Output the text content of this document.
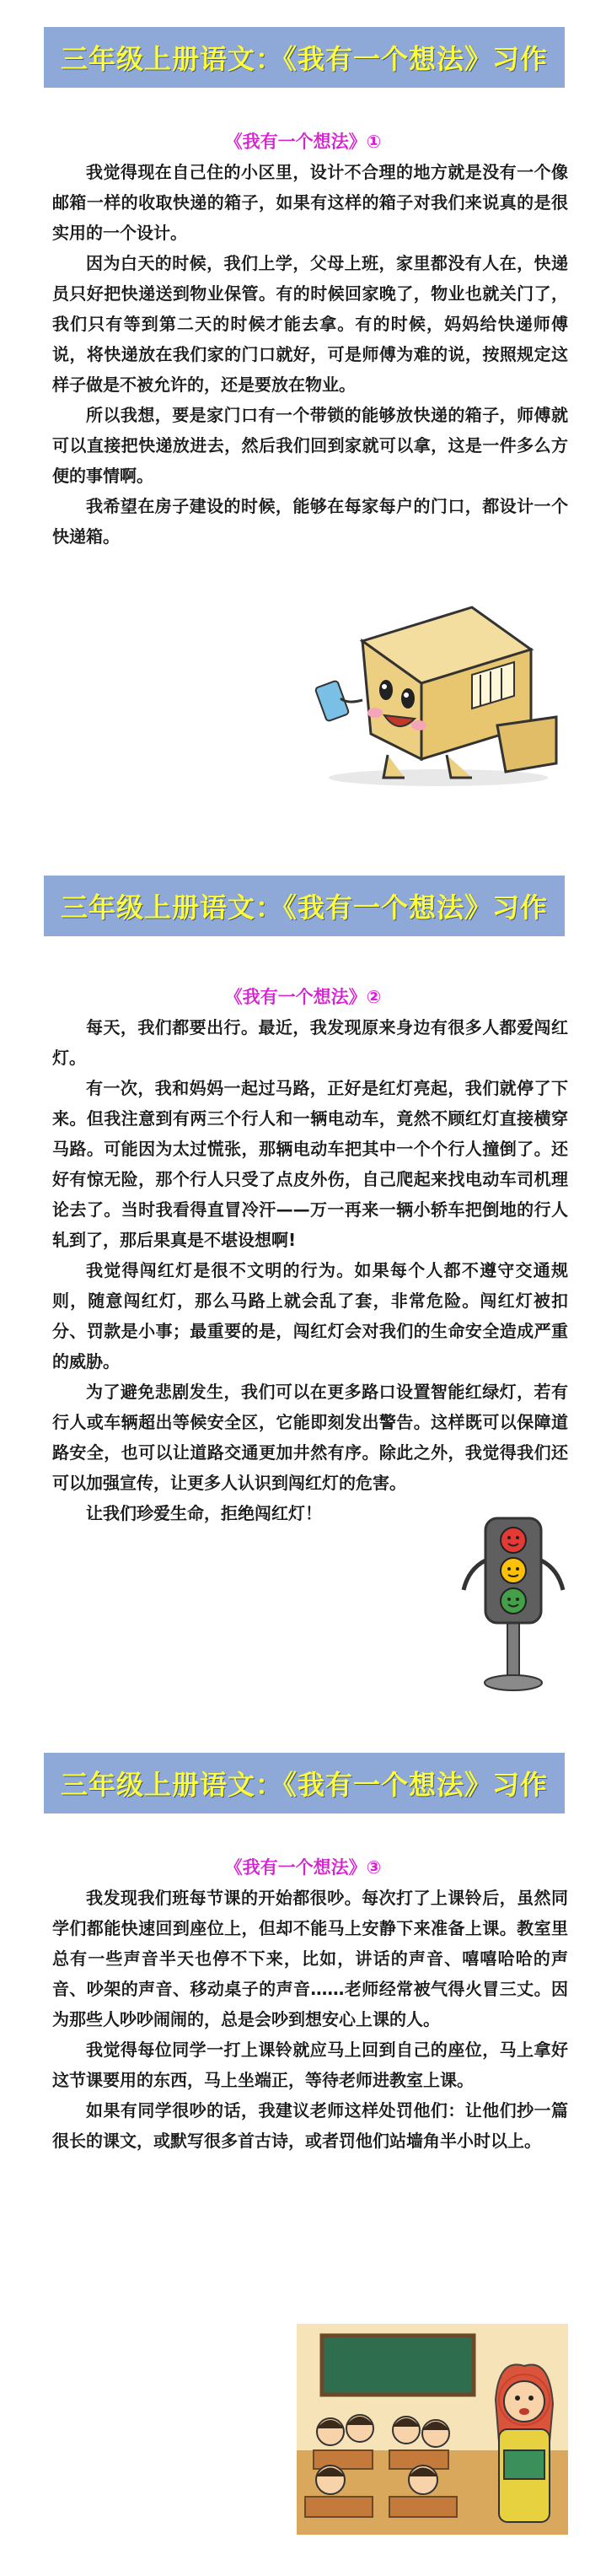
三年级上册语文：《我有一个想法》习作
《我有一个想法》①

我觉得现在自己住的小区里，设计不合理的地方就是没有一个像邮箱一样的收取快递的箱子，如果有这样的箱子对我们来说真的是很实用的一个设计。

因为白天的时候，我们上学，父母上班，家里都没有人在，快递员只好把快递送到物业保管。有的时候回家晚了，物业也就关门了，我们只有等到第二天的时候才能去拿。有的时候，妈妈给快递师傅说，将快递放在我们家的门口就好，可是师傅为难的说，按照规定这样子做是不被允许的，还是要放在物业。

所以我想，要是家门口有一个带锁的能够放快递的箱子，师傅就可以直接把快递放进去，然后我们回到家就可以拿，这是一件多么方便的事情啊。

我希望在房子建设的时候，能够在每家每户的门口，都设计一个快递箱。

三年级上册语文：《我有一个想法》习作
《我有一个想法》②

每天，我们都要出行。最近，我发现原来身边有很多人都爱闯红灯。

有一次，我和妈妈一起过马路，正好是红灯亮起，我们就停了下来。但我注意到有两三个行人和一辆电动车，竟然不顾红灯直接横穿马路。可能因为太过慌张，那辆电动车把其中一个个行人撞倒了。还好有惊无险，那个行人只受了点皮外伤，自己爬起来找电动车司机理论去了。当时我看得直冒冷汗——万一再来一辆小轿车把倒地的行人轧到了，那后果真是不堪设想啊!

我觉得闯红灯是很不文明的行为。如果每个人都不遵守交通规则，随意闯红灯，那么马路上就会乱了套，非常危险。闯红灯被扣分、罚款是小事；最重要的是，闯红灯会对我们的生命安全造成严重的威胁。

为了避免悲剧发生，我们可以在更多路口设置智能红绿灯，若有行人或车辆超出等候安全区，它能即刻发出警告。这样既可以保障道路安全，也可以让道路交通更加井然有序。除此之外，我觉得我们还可以加强宣传，让更多人认识到闯红灯的危害。

让我们珍爱生命，拒绝闯红灯！

三年级上册语文：《我有一个想法》习作
《我有一个想法》③

我发现我们班每节课的开始都很吵。每次打了上课铃后，虽然同学们都能快速回到座位上，但却不能马上安静下来准备上课。教室里总有一些声音半天也停不下来，比如，讲话的声音、嘻嘻哈哈的声音、吵架的声音、移动桌子的声音……老师经常被气得火冒三丈。因为那些人吵吵闹闹的，总是会吵到想安心上课的人。

我觉得每位同学一打上课铃就应马上回到自己的座位，马上拿好这节课要用的东西，马上坐端正，等待老师进教室上课。

如果有同学很吵的话，我建议老师这样处罚他们：让他们抄一篇很长的课文，或默写很多首古诗，或者罚他们站墙角半小时以上。
